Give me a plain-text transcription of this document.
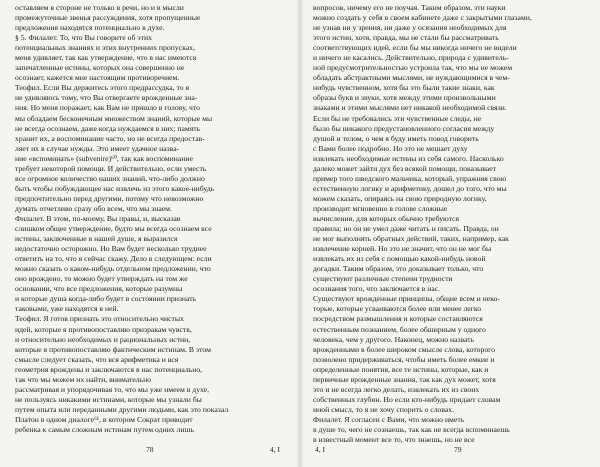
оставляем в стороне не только в речи, но и в мысли
промежуточные звенья рассуждения, хотя пропущенные
предложения находятся потенциально в духе.
§ 5. Филалет. То, что Вы говорите об этих
потенциальных знаниях и этих внутренних пропусках,
меня удивляет, так как утверждение, что в нас имеются
запечатленные истины, которых она совершенно не
осознает, кажется мне настоящим противоречием.
Теофил. Если Вы держитесь этого предрассудка, то я
не удивляюсь тому, что Вы отвергаете врожденные зна-
ния. Но меня поражает, как Вам не пришло в голову, что
мы обладаем бесконечным множеством знаний, которые мы
не всегда осознаем, даже когда нуждаемся в них; память
хранит их, а воспоминание часто, но не всегда предостав-
ляет их в случае нужды. Это имеет удачное назва-
ние «вспоминать» (subvenire)⁶⁰, так как воспоминание
требует некоторой помощи. И действительно, если уместь
все огромное количество наших знаний, что-либо должно
быть чтобы побуждающее нас извлечь из этого какое-нибудь
предпочтительно перед другими, потому что невозможно
думать отчетливо сразу обо всем, что мы знаем.
Филалет. В этом, по-моему, Вы правы, и, высказав
слишком общее утверждение, будто мы всегда осознаем все
истины, заключенные в нашей душе, я выразился
недостаточно осторожно. Но Вам будет несколько труднее
ответить на то, что я сейчас скажу. Дело в следующем: если
можно сказать о каком-нибудь отдельном предложении, что
оно врождено, то можно будет утверждать на том же
основании, что все предложения, которые разумны
и которые душа когда-либо будет в состоянии признать
таковыми, уже находятся в ней.
Теофил. Я готов признать это относительно чистых
идей, которые я противопоставляю призракам чувств,
и относительно необходимых и рациональных истин,
которые я противопоставляю фактическим истинам. В этом
смысле следует сказать, что вся арифметика и вся
геометрия врождены и заключаются в нас потенциально,
так что мы можем их найти, внимательно
рассматривая и упорядочивая то, что мы уже имеем в духе,
не пользуясь никакими истинами, которые мы узнали бы
путем опыта или переданными другими людьми, как это показал
Платон в одном диалоге⁶¹, в котором Сократ приводит
ребенка к самым сложным истинам путем одних лишь
78	4, I
вопросов, ничему его не поучая. Таким образом, эти науки
можно создать у себя в своем кабинете даже с закрытыми глазами,
не узнав ни у зрения, ни даже у осязания необходимых для
этого истин, хотя, правда, мы не стали бы рассматривать
соответствующих идей, если бы мы никогда ничего не видели
и ничего не касались. Действительно, природа с удивитель-
ной предусмотрительностью устроила так, что мы не можем
обладать абстрактными мыслями, не нуждающимися в чем-
нибудь чувственном, хотя бы это были такие знаки, как
образы букв и звуки, хотя между этими произвольными
знаками и этими мыслями нет никакой необходимой связи.
Если бы не требовались эти чувственные следы, не
было бы никакого предустановленного согласия между
душой и телом, о чем я буду иметь повод говорить
с Вами более подробно. Но это не мешает духу
извлекать необходимые истины из себя самого. Насколько
далеко может зайти дух без всякой помощи, показывает
пример того шведского мальчика, который, упражняя свою
естественную логику и арифметику, дошел до того, что мы
можем сказать, опираясь на свою природную логику,
производит мгновенно в голове сложные
вычисления, для которых обычно требуются
правила; но он не умел даже читать и писать. Правда, он
не мог выполнять обратных действий, таких, например, как
извлечение корней. Но это не значит, что он не мог бы
извлекать их из себя с помощью какой-нибудь новой
догадки. Таким образом, это доказывает только, что
существуют различные степени трудности
осознания того, что заключается в нас.
Существуют врожденные принципы, общие всем и неко-
торые, которые усваиваются более или менее легко
посредством размышления и которые составляются
естественным познанием, более обширным у одного
человека, чем у другого. Наконец, можно назвать
врожденными в более широком смысле слова, которого
позволено придерживаться, чтобы иметь более емкие и
определенные понятия, все те истины, которые, как и
первичные врожденные знания, так как дух может, хотя
это и не всегда легко делать, извлекать их из своих
собственных глубин. Но если кто-нибудь придает словам
иной смысл, то я не хочу спорить о словах.
Филалет. Я согласен с Вами, что можно иметь
в душе то, чего не сознаешь, так как не всегда вспоминаешь
в известный момент все то, что знаешь, но не все
4, I	79
